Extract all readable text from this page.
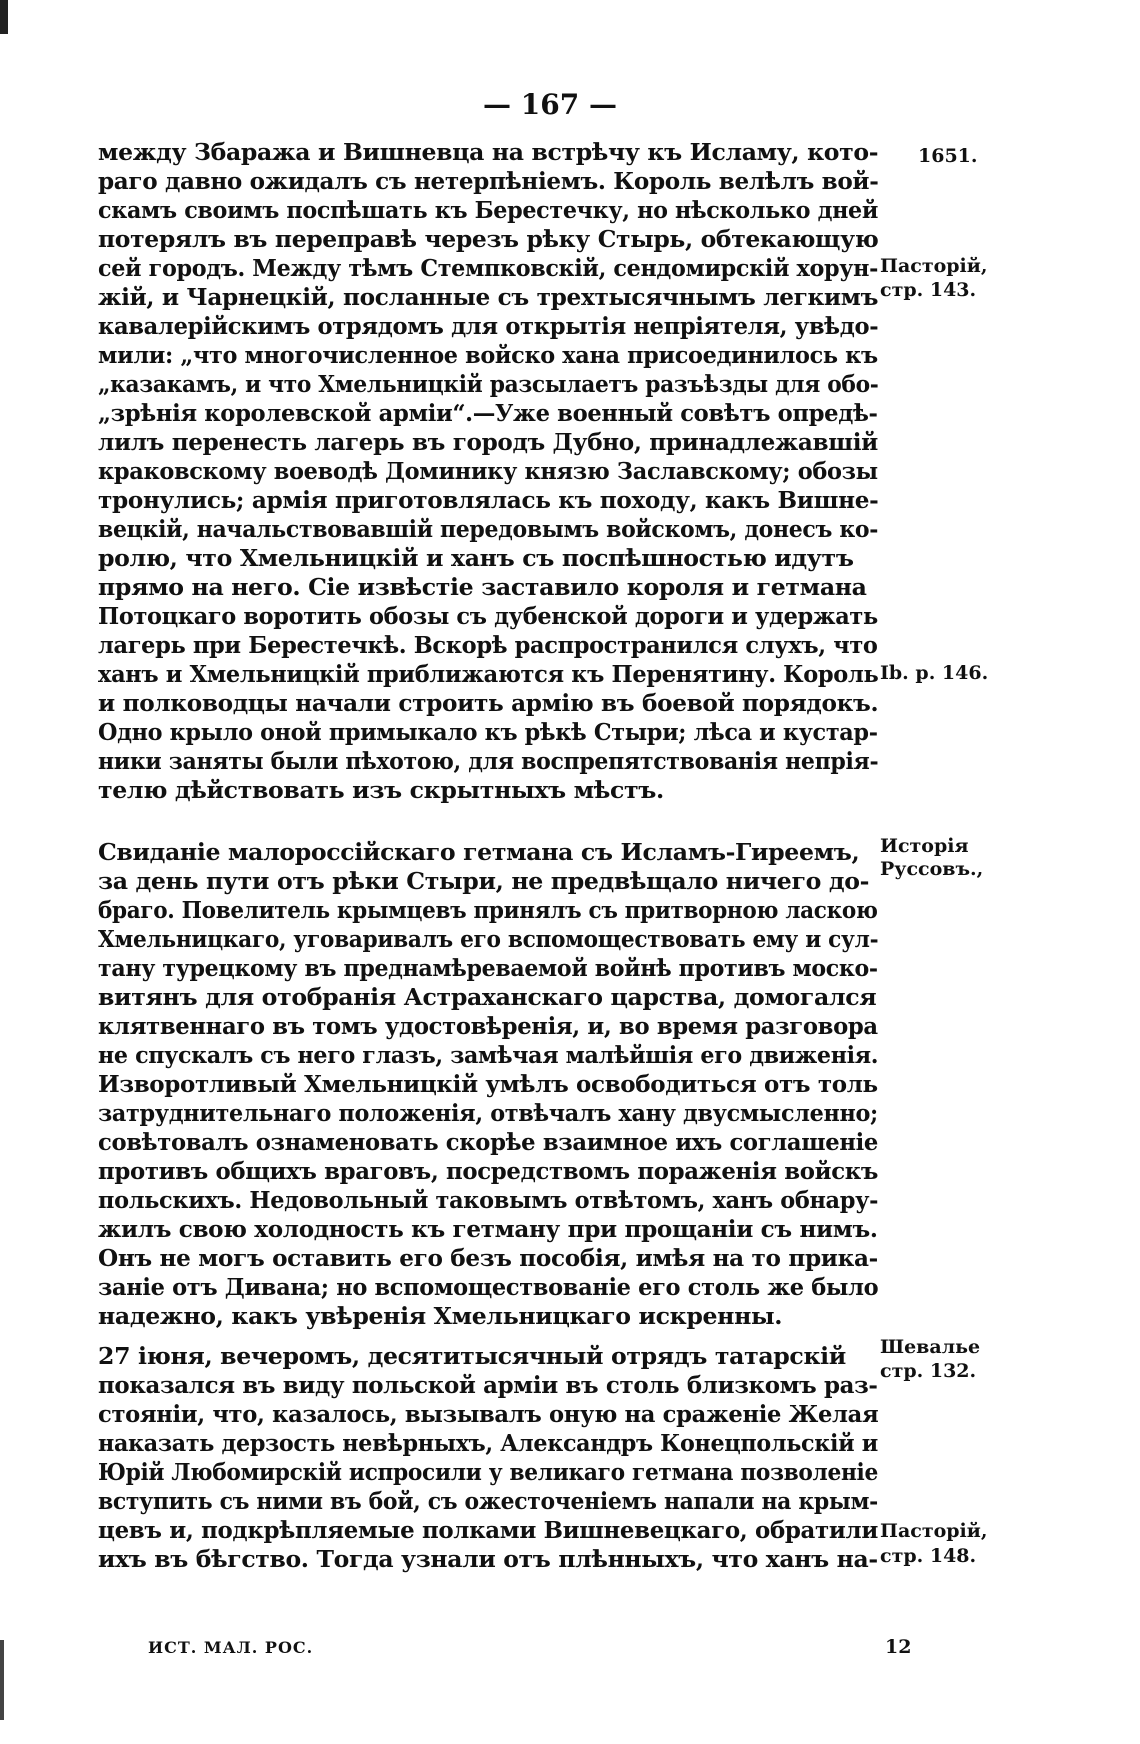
— 167 —
между Збаража и Вишневца на встрѣчу къ Исламу, кото-
раго давно ожидалъ съ нетерпѣніемъ. Король велѣлъ вой-
скамъ своимъ поспѣшать къ Берестечку, но нѣсколько дней
потерялъ въ переправѣ черезъ рѣку Стырь, обтекающую
сей городъ. Между тѣмъ Стемпковскій, сендомирскій хорун-
жій, и Чарнецкій, посланные съ трехтысячнымъ легкимъ
кавалерійскимъ отрядомъ для открытія непріятеля, увѣдо-
мили: „что многочисленное войско хана присоединилось къ
„казакамъ, и что Хмельницкій разсылаетъ разъѣзды для обо-
„зрѣнія королевской арміи“.—Уже военный совѣтъ опредѣ-
лилъ перенесть лагерь въ городъ Дубно, принадлежавшій
краковскому воеводѣ Доминику князю Заславскому; обозы
тронулись; армія приготовлялась къ походу, какъ Вишне-
вецкій, начальствовавшій передовымъ войскомъ, донесъ ко-
ролю, что Хмельницкій и ханъ съ поспѣшностью идутъ
прямо на него. Сіе извѣстіе заставило короля и гетмана
Потоцкаго воротить обозы съ дубенской дороги и удержать
лагерь при Берестечкѣ. Вскорѣ распространился слухъ, что
ханъ и Хмельницкій приближаются къ Перенятину. Король
и полководцы начали строить армію въ боевой порядокъ.
Одно крыло оной примыкало къ рѣкѣ Стыри; лѣса и кустар-
ники заняты были пѣхотою, для воспрепятствованія непрія-
телю дѣйствовать изъ скрытныхъ мѣстъ.
Свиданіе малороссійскаго гетмана съ Исламъ-Гиреемъ,
за день пути отъ рѣки Стыри, не предвѣщало ничего до-
браго. Повелитель крымцевъ принялъ съ притворною ласкою
Хмельницкаго, уговаривалъ его вспомоществовать ему и сул-
тану турецкому въ преднамѣреваемой войнѣ противъ моско-
витянъ для отобранія Астраханскаго царства, домогался
клятвеннаго въ томъ удостовѣренія, и, во время разговора
не спускалъ съ него глазъ, замѣчая малѣйшія его движенія.
Изворотливый Хмельницкій умѣлъ освободиться отъ толь
затруднительнаго положенія, отвѣчалъ хану двусмысленно;
совѣтовалъ ознаменовать скорѣе взаимное ихъ соглашеніе
противъ общихъ враговъ, посредствомъ пораженія войскъ
польскихъ. Недовольный таковымъ отвѣтомъ, ханъ обнару-
жилъ свою холодность къ гетману при прощаніи съ нимъ.
Онъ не могъ оставить его безъ пособія, имѣя на то прика-
заніе отъ Дивана; но вспомоществованіе его столь же было
надежно, какъ увѣренія Хмельницкаго искренны.
27 іюня, вечеромъ, десятитысячный отрядъ татарскій
показался въ виду польской арміи въ столь близкомъ раз-
стояніи, что, казалось, вызывалъ оную на сраженіе Желая
наказать дерзость невѣрныхъ, Александръ Конецпольскій и
Юрій Любомирскій испросили у великаго гетмана позволеніе
вступить съ ними въ бой, съ ожесточеніемъ напали на крым-
цевъ и, подкрѣпляемые полками Вишневецкаго, обратили
ихъ въ бѣгство. Тогда узнали отъ плѣнныхъ, что ханъ на-
1651.
Пасторій,
стр. 143.
Ib. p. 146.
Исторія
Руссовъ.,
Шевалье
стр. 132.
Пасторій,
стр. 148.
ИСТ. МАЛ. РОС.	12
